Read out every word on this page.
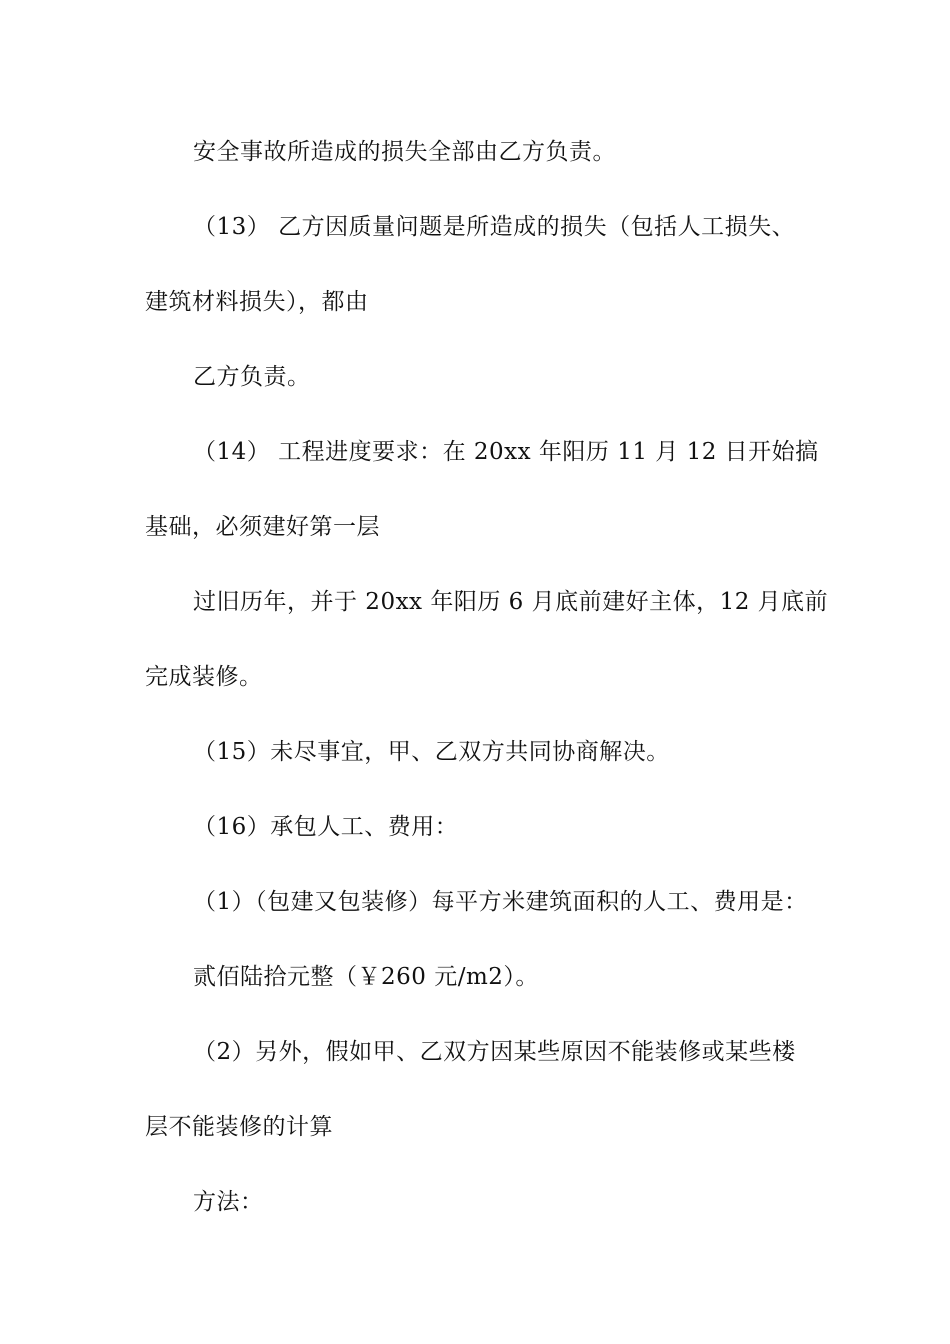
安全事故所造成的损失全部由乙方负责。
（13） 乙方因质量问题是所造成的损失（包括人工损失、
建筑材料损失），都由
乙方负责。
（14） 工程进度要求：在 20xx 年阳历 11 月 12 日开始搞
基础，必须建好第一层
过旧历年，并于 20xx 年阳历 6 月底前建好主体，12 月底前
完成装修。
（15）未尽事宜，甲、乙双方共同协商解决。
（16）承包人工、费用：
（1）（包建又包装修）每平方米建筑面积的人工、费用是：
贰佰陆拾元整（￥260 元/m2）。
（2）另外，假如甲、乙双方因某些原因不能装修或某些楼
层不能装修的计算
方法：
